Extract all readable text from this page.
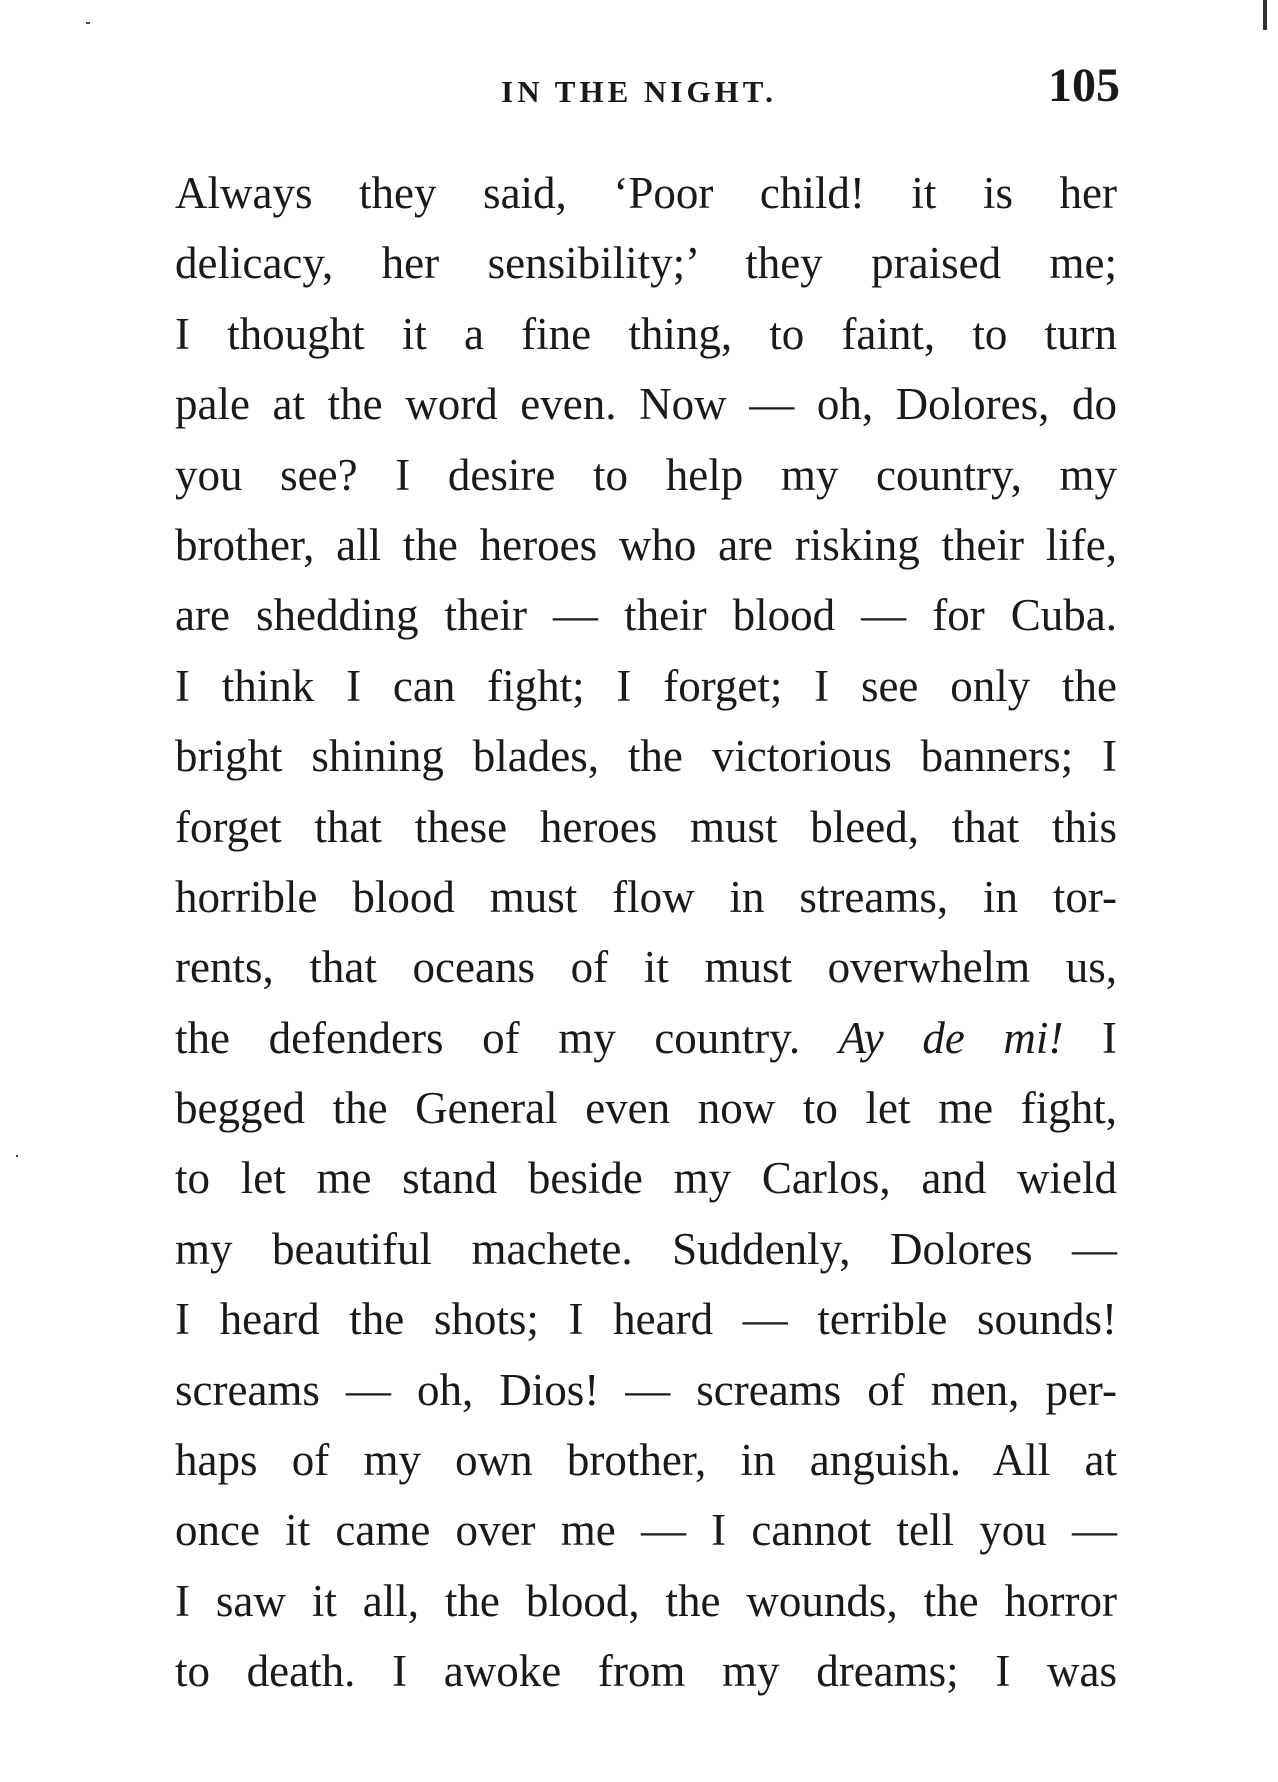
IN THE NIGHT.	105
Always they said, ‘Poor child! it is her
delicacy, her sensibility;’ they praised me;
I thought it a fine thing, to faint, to turn
pale at the word even. Now — oh, Dolores, do
you see? I desire to help my country, my
brother, all the heroes who are risking their life,
are shedding their — their blood — for Cuba.
I think I can fight; I forget; I see only the
bright shining blades, the victorious banners; I
forget that these heroes must bleed, that this
horrible blood must flow in streams, in tor-
rents, that oceans of it must overwhelm us,
the defenders of my country. Ay de mi! I
begged the General even now to let me fight,
to let me stand beside my Carlos, and wield
my beautiful machete. Suddenly, Dolores —
I heard the shots; I heard — terrible sounds!
screams — oh, Dios! — screams of men, per-
haps of my own brother, in anguish. All at
once it came over me — I cannot tell you —
I saw it all, the blood, the wounds, the horror
to death. I awoke from my dreams; I was
